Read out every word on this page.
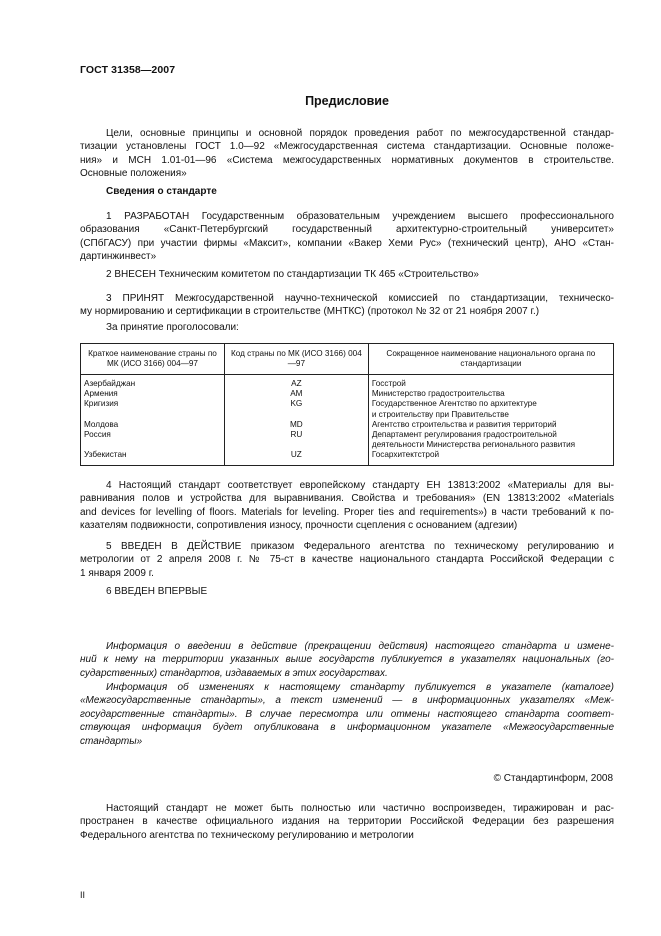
ГОСТ 31358—2007
Предисловие

Цели, основные принципы и основной порядок проведения работ по межгосударственной стандар-
тизации установлены ГОСТ 1.0—92 «Межгосударственная система стандартизации. Основные положе-
ния» и МСН 1.01-01—96 «Система межгосударственных нормативных документов в строительстве.
Основные положения»

Сведения о стандарте

1 РАЗРАБОТАН Государственным образовательным учреждением высшего профессионального
образования «Санкт-Петербургский государственный архитектурно-строительный университет»
(СПбГАСУ) при участии фирмы «Максит», компании «Вакер Хеми Рус» (технический центр), АНО «Стан-
дартинжинвест»

2 ВНЕСЕН Техническим комитетом по стандартизации ТК 465 «Строительство»

3 ПРИНЯТ Межгосударственной научно-технической комиссией по стандартизации, техническо-
му нормированию и сертификации в строительстве (МНТКС) (протокол № 32 от 21 ноября 2007 г.)

За принятие проголосовали:
Краткое наименование страны по МК (ИСО 3166) 004—97	Код страны по МК (ИСО 3166) 004—97	Сокращенное наименование национального органа по стандартизации
Азербайджан	AZ	Госстрой
Армения	AM	Министерство градостроительства
Кригизия	KG	Государственное Агентство по архитектуре
и строительству при Правительстве

Молдова	MD	Агентство строительства и развития территорий
Россия	RU	Департамент регулирования градостроительной
деятельности Министерства регионального развития

Узбекистан	UZ	Госархитектстрой

4 Настоящий стандарт соответствует европейскому стандарту ЕН 13813:2002 «Материалы для вы-
равнивания полов и устройства для выравнивания. Свойства и требования» (EN 13813:2002 «Materials
and devices for levelling of floors. Materials for leveling. Proper ties and requirements») в части требований к по-
казателям подвижности, сопротивления износу, прочности сцепления с основанием (адгезии)

5 ВВЕДЕН В ДЕЙСТВИЕ приказом Федерального агентства по техническому регулированию и
метрологии от 2 апреля 2008 г. № 75-ст в качестве национального стандарта Российской Федерации с
1 января 2009 г.

6 ВВЕДЕН ВПЕРВЫЕ

Информация о введении в действие (прекращении действия) настоящего стандарта и измене-
ний к нему на территории указанных выше государств публикуется в указателях национальных (го-
сударственных) стандартов, издаваемых в этих государствах.

Информация об изменениях к настоящему стандарту публикуется в указателе (каталоге)
«Межгосударственные стандарты», а текст изменений — в информационных указателях «Меж-
государственные стандарты». В случае пересмотра или отмены настоящего стандарта соответ-
ствующая информация будет опубликована в информационном указателе «Межгосударственные
стандарты»

© Стандартинформ, 2008

Настоящий стандарт не может быть полностью или частично воспроизведен, тиражирован и рас-
пространен в качестве официального издания на территории Российской Федерации без разрешения
Федерального агентства по техническому регулированию и метрологии

II
